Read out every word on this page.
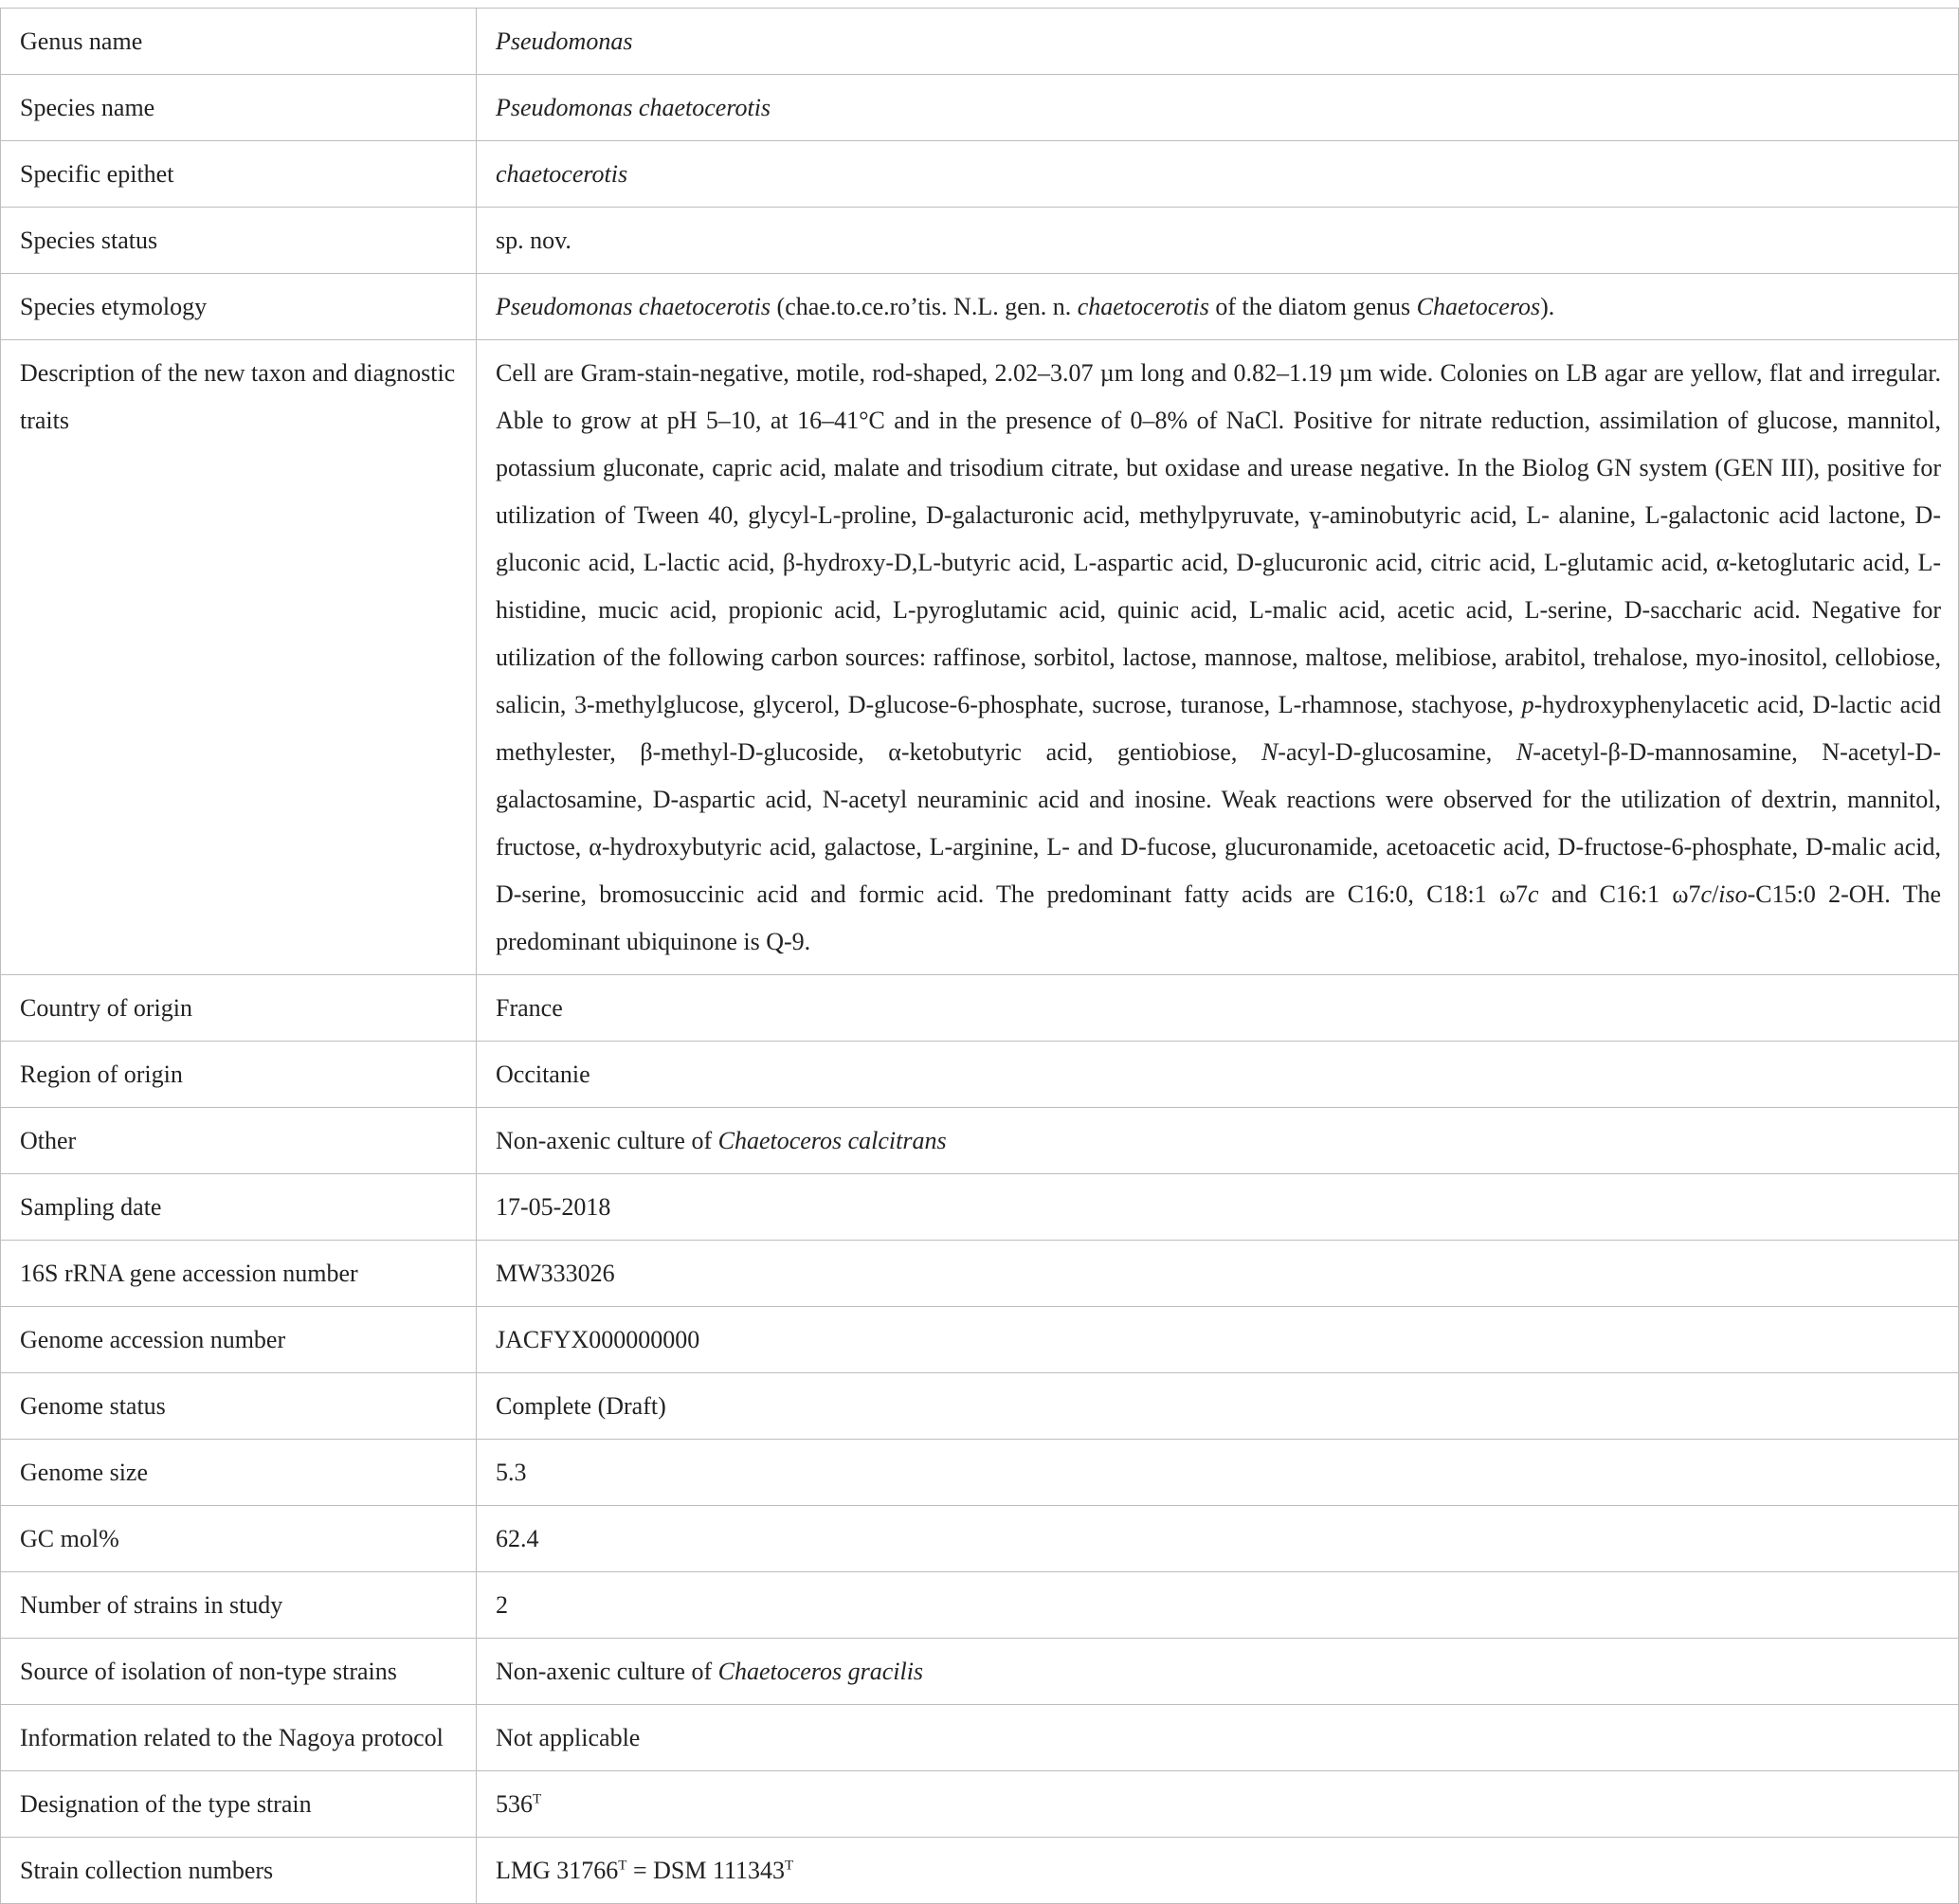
Genus name	Pseudomonas
Species name	Pseudomonas chaetocerotis
Specific epithet	chaetocerotis
Species status	sp. nov.
Species etymology	Pseudomonas chaetocerotis (chae.to.ce.ro’tis. N.L. gen. n. chaetocerotis of the diatom genus Chaetoceros).
Description of the new taxon and diagnostic traits	Cell are Gram-stain-negative, motile, rod-shaped, 2.02–3.07 µm long and 0.82–1.19 µm wide. Colonies on LB agar are yellow, flat and irregular. Able to grow at pH 5–10, at 16–41°C and in the presence of 0–8% of NaCl. Positive for nitrate reduction, assimilation of glucose, mannitol, potassium gluconate, capric acid, malate and trisodium citrate, but oxidase and urease negative. In the Biolog GN system (GEN III), positive for utilization of Tween 40, glycyl-L-proline, D-galacturonic acid, methylpyruvate, ɣ-aminobutyric acid, L- alanine, L-galactonic acid lactone, D-gluconic acid, L-lactic acid, β-hydroxy-D,L-butyric acid, L-aspartic acid, D-glucuronic acid, citric acid, L-glutamic acid, α-ketoglutaric acid, L-histidine, mucic acid, propionic acid, L-pyroglutamic acid, quinic acid, L-malic acid, acetic acid, L-serine, D-saccharic acid. Negative for utilization of the following carbon sources: raffinose, sorbitol, lactose, mannose, maltose, melibiose, arabitol, trehalose, myo-inositol, cellobiose, salicin, 3-methylglucose, glycerol, D-glucose-6-phosphate, sucrose, turanose, L-rhamnose, stachyose, p-hydroxyphenylacetic acid, D-lactic acid methylester, β-methyl-D-glucoside, α-ketobutyric acid, gentiobiose, N-acyl-D-glucosamine, N-acetyl-β-D-mannosamine, N-acetyl-D-galactosamine, D-aspartic acid, N-acetyl neuraminic acid and inosine. Weak reactions were observed for the utilization of dextrin, mannitol, fructose, α-hydroxybutyric acid, galactose, L-arginine, L- and D-fucose, glucuronamide, acetoacetic acid, D-fructose-6-phosphate, D-malic acid, D-serine, bromosuccinic acid and formic acid. The predominant fatty acids are C16:0, C18:1 ω7c and C16:1 ω7c/iso-C15:0 2-OH. The predominant ubiquinone is Q-9.
Country of origin	France
Region of origin	Occitanie
Other	Non-axenic culture of Chaetoceros calcitrans
Sampling date	17-05-2018
16S rRNA gene accession number	MW333026
Genome accession number	JACFYX000000000
Genome status	Complete (Draft)
Genome size	5.3
GC mol%	62.4
Number of strains in study	2
Source of isolation of non-type strains	Non-axenic culture of Chaetoceros gracilis
Information related to the Nagoya protocol	Not applicable
Designation of the type strain	$536^T$
Strain collection numbers	LMG $31766^T$ = DSM $111343^T$
